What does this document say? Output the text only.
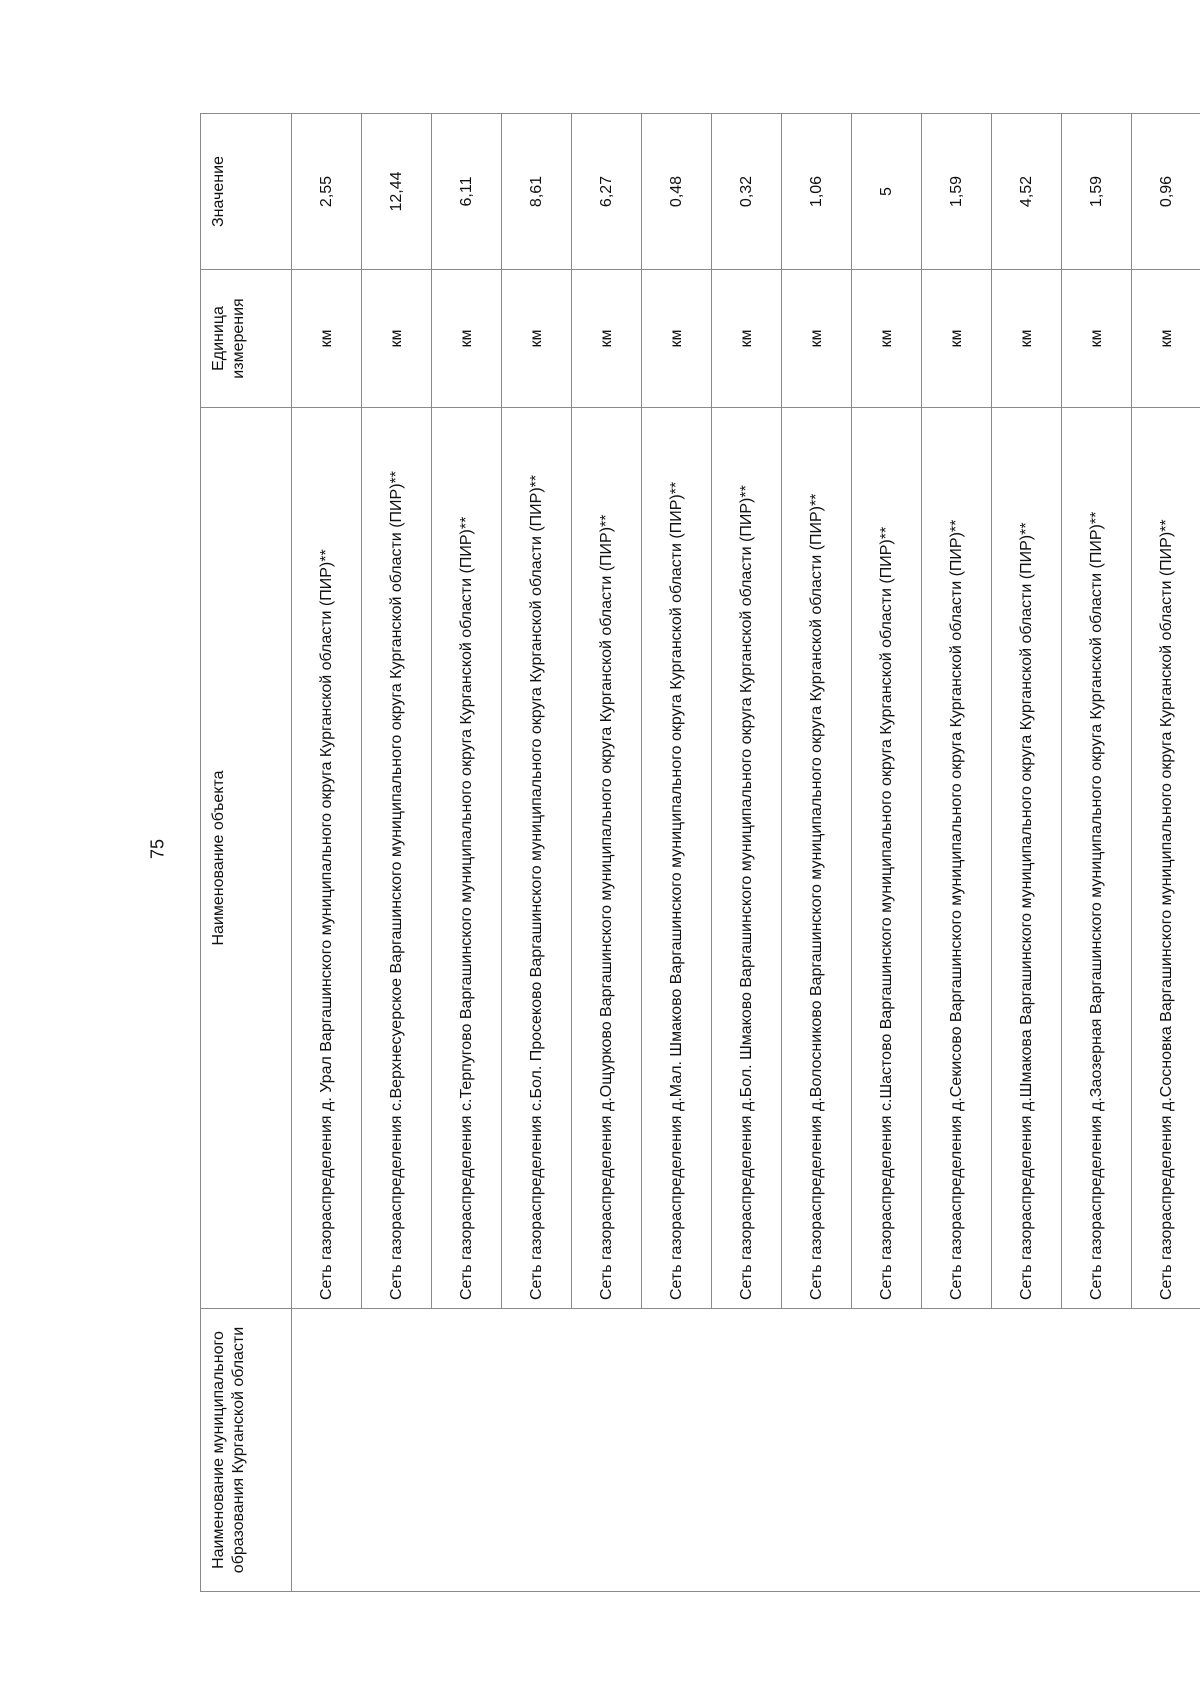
75
Наименование муниципального образования Курганской области	Наименование объекта	Единица измерения	Значение
	Сеть газораспределения д. Урал Варгашинского муниципального округа Курганской области (ПИР)**	км	2,55
	Сеть газораспределения с.Верхнесуерское Варгашинского муниципального округа Курганской области (ПИР)**	км	12,44
	Сеть газораспределения с.Терпугово Варгашинского муниципального округа Курганской области (ПИР)**	км	6,11
	Сеть газораспределения с.Бол. Просеково Варгашинского муниципального округа Курганской области (ПИР)**	км	8,61
	Сеть газораспределения д.Ощурково Варгашинского муниципального округа Курганской области (ПИР)**	км	6,27
	Сеть газораспределения д.Мал. Шмаково Варгашинского муниципального округа Курганской области (ПИР)**	км	0,48
	Сеть газораспределения д.Бол. Шмаково Варгашинского муниципального округа Курганской области (ПИР)**	км	0,32
	Сеть газораспределения д.Волосниково Варгашинского муниципального округа Курганской области (ПИР)**	км	1,06
	Сеть газораспределения с.Шастово Варгашинского муниципального округа Курганской области (ПИР)**	км	5
	Сеть газораспределения д.Секисово Варгашинского муниципального округа Курганской области (ПИР)**	км	1,59
	Сеть газораспределения д.Шмакова Варгашинского муниципального округа Курганской области (ПИР)**	км	4,52
	Сеть газораспределения д.Заозерная Варгашинского муниципального округа Курганской области (ПИР)**	км	1,59
	Сеть газораспределения д.Сосновка Варгашинского муниципального округа Курганской области (ПИР)**	км	0,96
